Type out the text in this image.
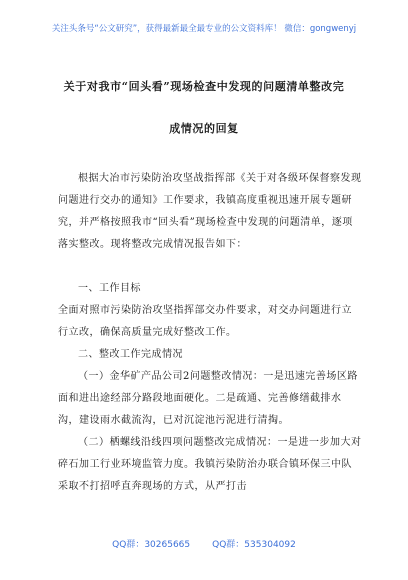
关注头条号“公文研究”，获得最新最全最专业的公文资料库！ 微信：gongwenyj
关于对我市“回头看”现场检查中发现的问题清单整改完
成情况的回复

根据大冶市污染防治攻坚战指挥部《关于对各级环保督察发现问题进行交办的通知》工作要求，我镇高度重视迅速开展专题研究，并严格按照我市“回头看”现场检查中发现的问题清单，逐项落实整改。现将整改完成情况报告如下：

一、工作目标

全面对照市污染防治攻坚指挥部交办件要求，对交办问题进行立行立改，确保高质量完成好整改工作。

二、整改工作完成情况

（一）金华矿产品公司2问题整改情况：一是迅速完善场区路面和进出途经部分路段地面硬化。二是疏通、完善修缮截排水沟，建设雨水截流沟，已对沉淀池污泥进行清掏。

（二）栖螺线沿线四项问题整改完成情况：一是进一步加大对碎石加工行业环境监管力度。我镇污染防治办联合镇环保三中队采取不打招呼直奔现场的方式，从严打击

QQ群：30265665 QQ群：535304092
